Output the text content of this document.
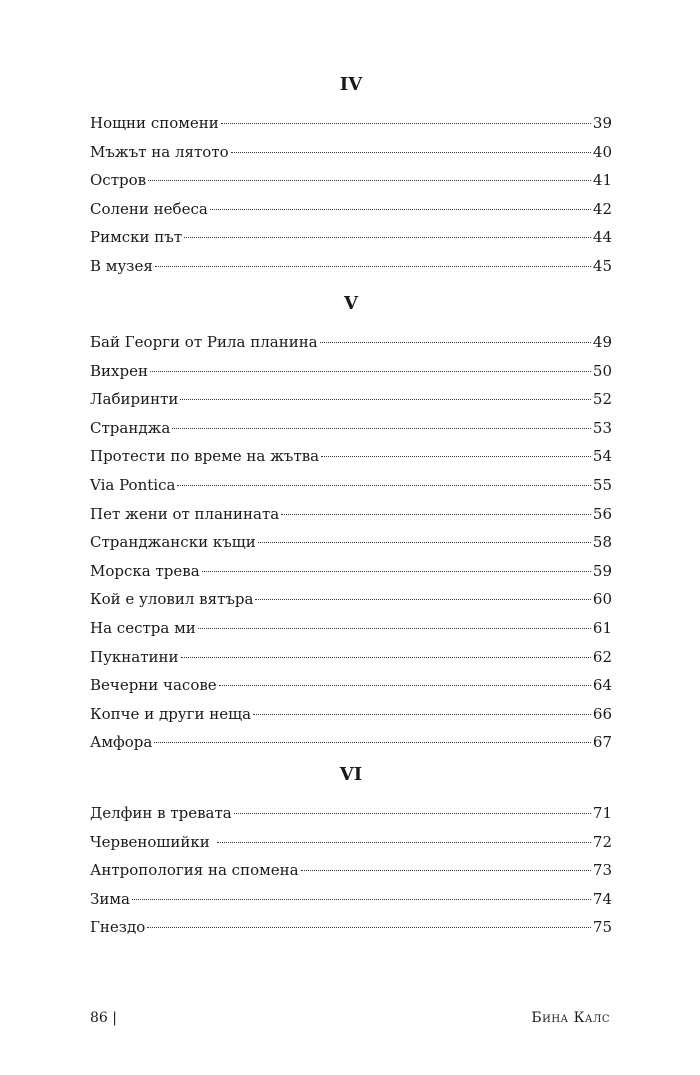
IV
Нощни спомени	39
Мъжът на лятото	40
Остров	41
Солени небеса	42
Римски път	44
В музея	45
V
Бай Георги от Рила планина	49
Вихрен	50
Лабиринти	52
Странджа	53
Протести по време на жътва	54
Via Pontica	55
Пет жени от планината	56
Странджански къщи	58
Морска трева	59
Кой е уловил вятъра	60
На сестра ми	61
Пукнатини	62
Вечерни часове	64
Копче и други неща	66
Амфора	67
VI
Делфин в тревата	71
Червеношийки	72
Антропология на спомена	73
Зима	74
Гнездо	75
86 |	Бина Калс
